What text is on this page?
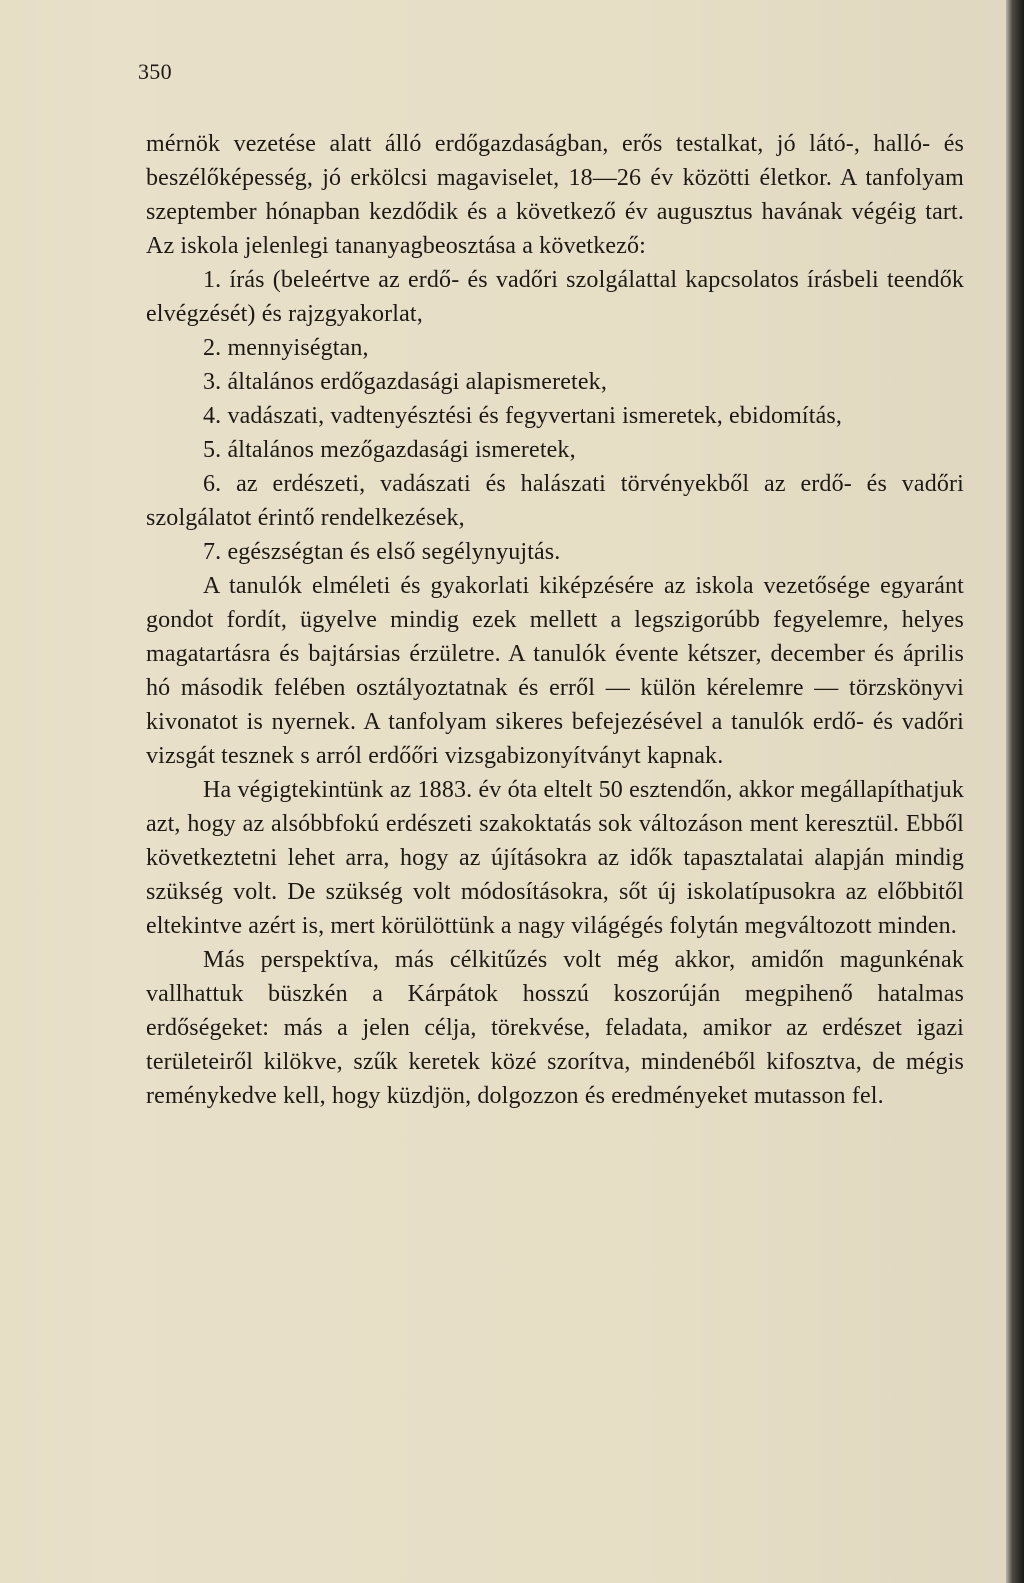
350

mérnök vezetése alatt álló erdőgazdaságban, erős testalkat, jó látó-, halló- és beszélőképesség, jó erkölcsi magaviselet, 18—26 év közötti életkor. A tanfolyam szeptember hónapban kezdődik és a következő év augusztus havának végéig tart. Az iskola jelenlegi tananyagbeosztása a következő:

1. írás (beleértve az erdő- és vadőri szolgálattal kapcsolatos írásbeli teendők elvégzését) és rajzgyakorlat,
2. mennyiségtan,
3. általános erdőgazdasági alapismeretek,
4. vadászati, vadtenyésztési és fegyvertani ismeretek, ebidomítás,
5. általános mezőgazdasági ismeretek,
6. az erdészeti, vadászati és halászati törvényekből az erdő- és vadőri szolgálatot érintő rendelkezések,
7. egészségtan és első segélynyujtás.

A tanulók elméleti és gyakorlati kiképzésére az iskola vezetősége egyaránt gondot fordít, ügyelve mindig ezek mellett a legszigorúbb fegyelemre, helyes magatartásra és bajtársias érzületre. A tanulók évente kétszer, december és április hó második felében osztályoztatnak és erről — külön kérelemre — törzskönyvi kivonatot is nyernek. A tanfolyam sikeres befejezésével a tanulók erdő- és vadőri vizsgát tesznek s arról erdőőri vizsgabizonyítványt kapnak.

Ha végigtekintünk az 1883. év óta eltelt 50 esztendőn, akkor megállapíthatjuk azt, hogy az alsóbbfokú erdészeti szakoktatás sok változáson ment keresztül. Ebből következtetni lehet arra, hogy az újításokra az idők tapasztalatai alapján mindig szükség volt. De szükség volt módosításokra, sőt új iskolatípusokra az előbbitől eltekintve azért is, mert körülöttünk a nagy világégés folytán megváltozott minden.

Más perspektíva, más célkitűzés volt még akkor, amidőn magunkénak vallhattuk büszkén a Kárpátok hosszú koszorúján megpihenő hatalmas erdőségeket: más a jelen célja, törekvése, feladata, amikor az erdészet igazi területeiről kilökve, szűk keretek közé szorítva, mindenéből kifosztva, de mégis reménykedve kell, hogy küzdjön, dolgozzon és eredményeket mutasson fel.
